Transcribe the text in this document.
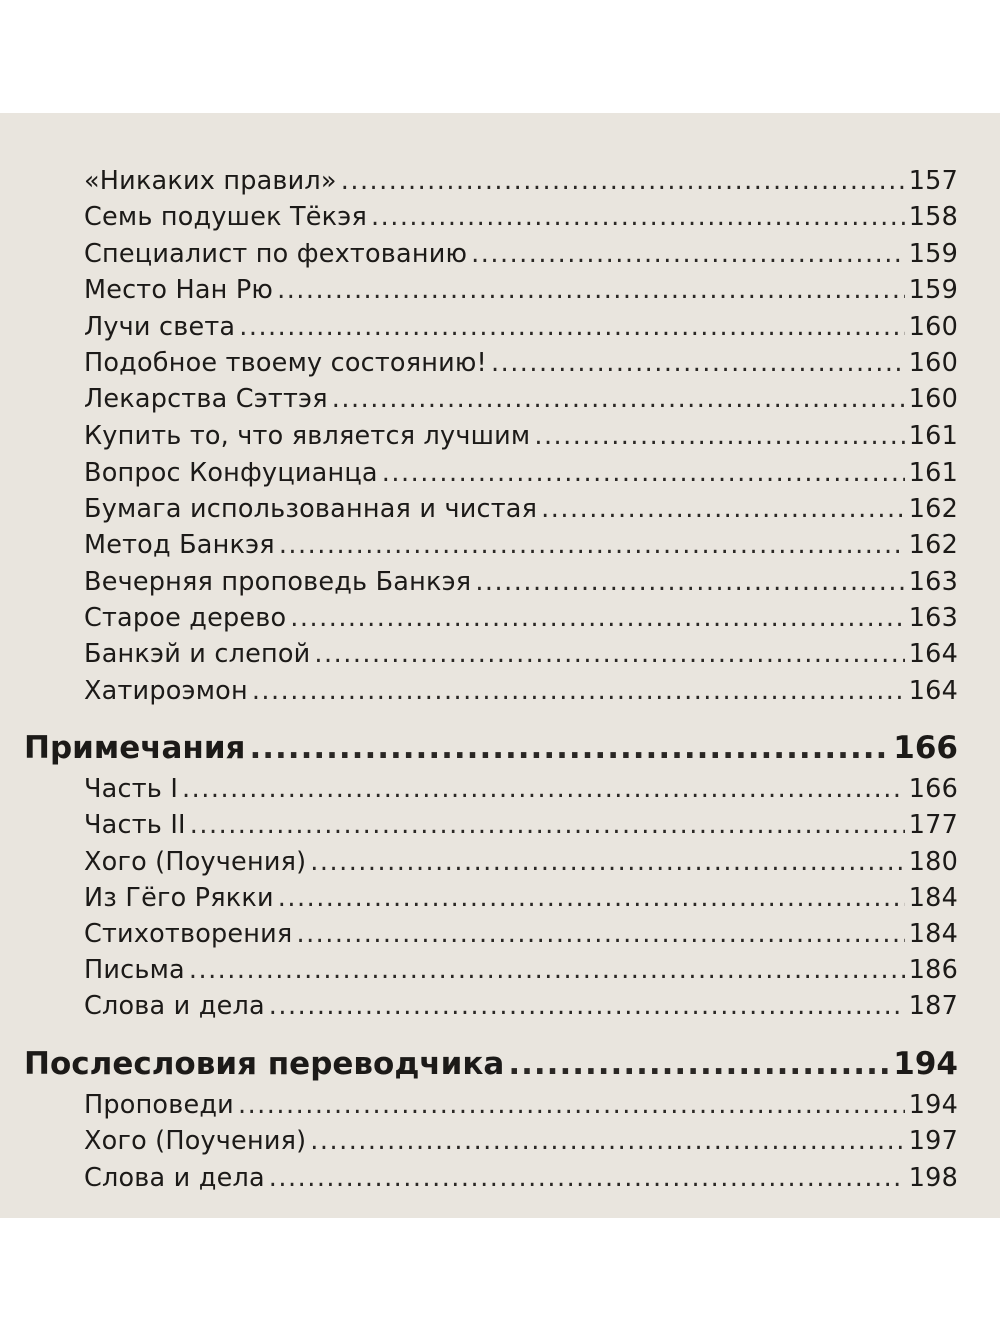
«Никаких правил» .....	157
Семь подушек Тёкэя .....	158
Специалист по фехтованию .....	159
Место Нан Рю .....	159
Лучи света .....	160
Подобное твоему состоянию! .....	160
Лекарства Сэттэя .....	160
Купить то, что является лучшим .....	161
Вопрос Конфуцианца .....	161
Бумага использованная и чистая .....	162
Метод Банкэя .....	162
Вечерняя проповедь Банкэя .....	163
Старое дерево .....	163
Банкэй и слепой .....	164
Хатироэмон .....	164
Примечания .....	166
Часть I .....	166
Часть II .....	177
Хого (Поучения) .....	180
Из Гёго Рякки .....	184
Стихотворения .....	184
Письма .....	186
Слова и дела .....	187
Послесловия переводчика .....	194
Проповеди .....	194
Хого (Поучения) .....	197
Слова и дела .....	198
